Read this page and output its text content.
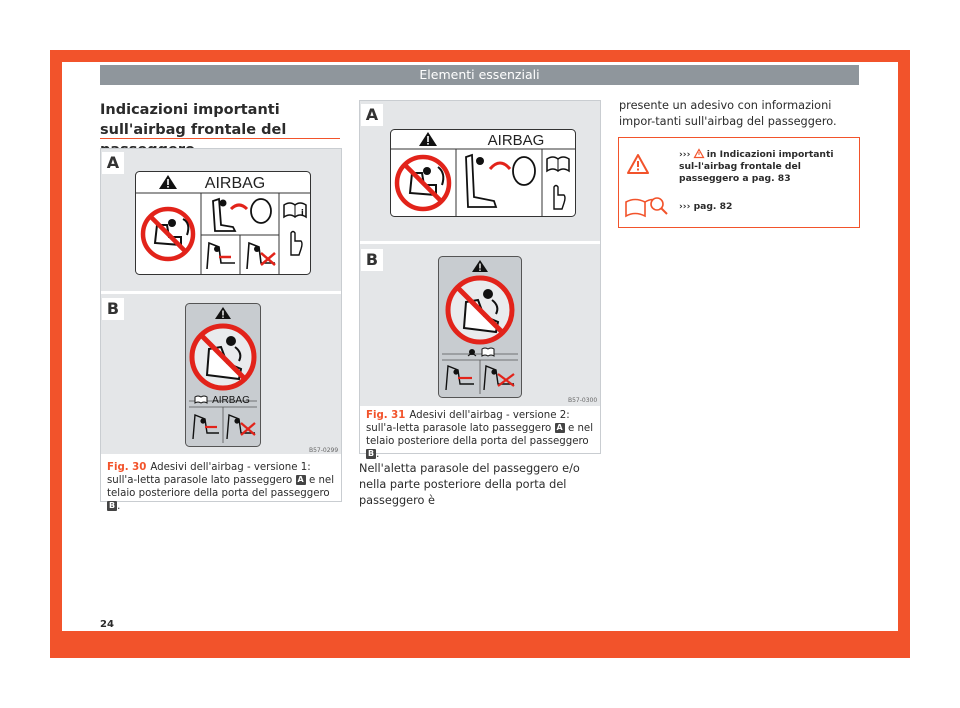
Elementi essenziali
Indicazioni importanti sull'airbag frontale del
A
B
AIRBAG
i
AIRBAG
B57-0299
Fig. 30 Adesivi dell'airbag - versione 1: sull'a-letta parasole lato passeggero A e nel telaio posteriore della porta del passeggero B .
A
B
AIRBAG
B57-0300
Fig. 31 Adesivi dell'airbag - versione 2: sull'a-letta parasole lato passeggero A e nel telaio posteriore della porta del passeggero B .
Nell'aletta parasole del passeggero e/o nella parte posteriore della porta del passeggero è
presente un adesivo con informazioni impor-tanti sull'airbag del passeggero.
››› in Indicazioni importanti sul-l'airbag frontale del passeggero a pag. 83
››› pag. 82
24
